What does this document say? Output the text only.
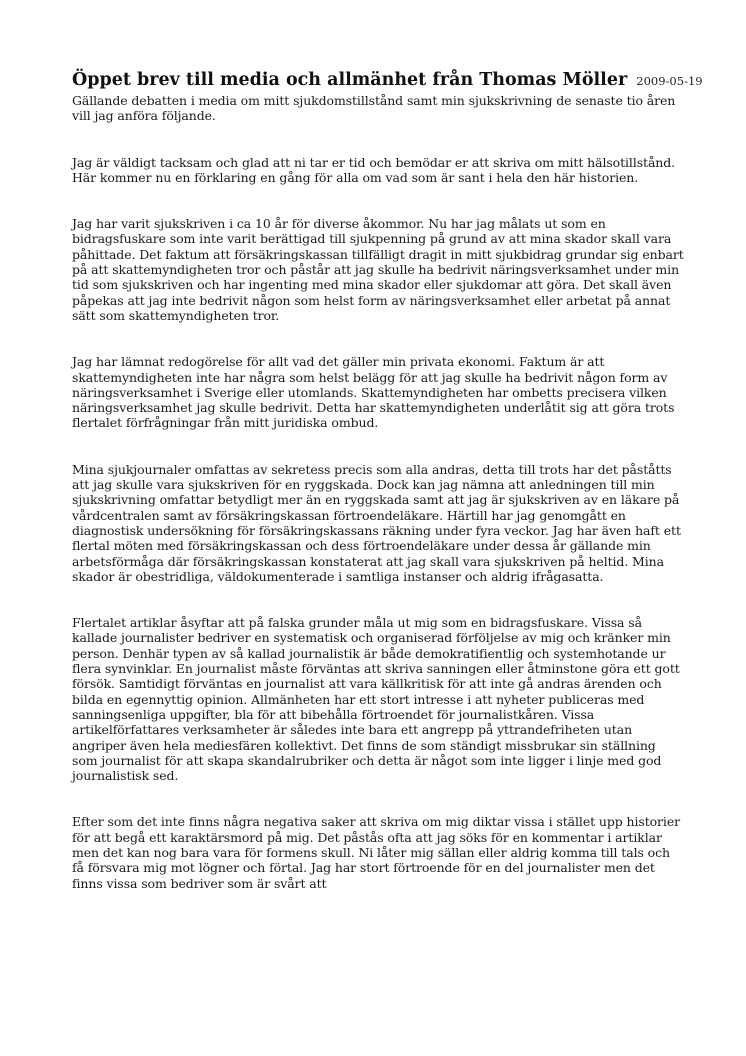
Öppet brev till media och allmänhet från Thomas Möller 2009-05-19

Gällande debatten i media om mitt sjukdomstillstånd samt min sjukskrivning de senaste tio åren vill jag anföra följande.

Jag är väldigt tacksam och glad att ni tar er tid och bemödar er att skriva om mitt hälsotillstånd. Här kommer nu en förklaring en gång för alla om vad som är sant i hela den här historien.

Jag har varit sjukskriven i ca 10 år för diverse åkommor. Nu har jag målats ut som en bidragsfuskare som inte varit berättigad till sjukpenning på grund av att mina skador skall vara påhittade. Det faktum att försäkringskassan tillfälligt dragit in mitt sjukbidrag grundar sig enbart på att skattemyndigheten tror och påstår att jag skulle ha bedrivit näringsverksamhet under min tid som sjukskriven och har ingenting med mina skador eller sjukdomar att göra. Det skall även påpekas att jag inte bedrivit någon som helst form av näringsverksamhet eller arbetat på annat sätt som skattemyndigheten tror.

Jag har lämnat redogörelse för allt vad det gäller min privata ekonomi. Faktum är att skattemyndigheten inte har några som helst belägg för att jag skulle ha bedrivit någon form av näringsverksamhet i Sverige eller utomlands. Skattemyndigheten har ombetts precisera vilken näringsverksamhet jag skulle bedrivit. Detta har skattemyndigheten underlåtit sig att göra trots flertalet förfrågningar från mitt juridiska ombud.

Mina sjukjournaler omfattas av sekretess precis som alla andras, detta till trots har det påståtts att jag skulle vara sjukskriven för en ryggskada. Dock kan jag nämna att anledningen till min sjukskrivning omfattar betydligt mer än en ryggskada samt att jag är sjukskriven av en läkare på vårdcentralen samt av försäkringskassan förtroendeläkare. Härtill har jag genomgått en diagnostisk undersökning för försäkringskassans räkning under fyra veckor. Jag har även haft ett flertal möten med försäkringskassan och dess förtroendeläkare under dessa år gällande min arbetsförmåga där försäkringskassan konstaterat att jag skall vara sjukskriven på heltid. Mina skador är obestridliga, väldokumenterade i samtliga instanser och aldrig ifrågasatta.

Flertalet artiklar åsyftar att på falska grunder måla ut mig som en bidragsfuskare. Vissa så kallade journalister bedriver en systematisk och organiserad förföljelse av mig och kränker min person. Denhär typen av så kallad journalistik är både demokratifientlig och systemhotande ur flera synvinklar. En journalist måste förväntas att skriva sanningen eller åtminstone göra ett gott försök. Samtidigt förväntas en journalist att vara källkritisk för att inte gå andras ärenden och bilda en egennyttig opinion. Allmänheten har ett stort intresse i att nyheter publiceras med sanningsenliga uppgifter, bla för att bibehålla förtroendet för journalistkåren. Vissa artikelförfattares verksamheter är således inte bara ett angrepp på yttrandefriheten utan angriper även hela mediesfären kollektivt. Det finns de som ständigt missbrukar sin ställning som journalist för att skapa skandalrubriker och detta är något som inte ligger i linje med god journalistisk sed.

Efter som det inte finns några negativa saker att skriva om mig diktar vissa i stället upp historier för att begå ett karaktärsmord på mig. Det påstås ofta att jag söks för en kommentar i artiklar men det kan nog bara vara för formens skull. Ni låter mig sällan eller aldrig komma till tals och få försvara mig mot lögner och förtal. Jag har stort förtroende för en del journalister men det finns vissa som bedriver som är svårt att
